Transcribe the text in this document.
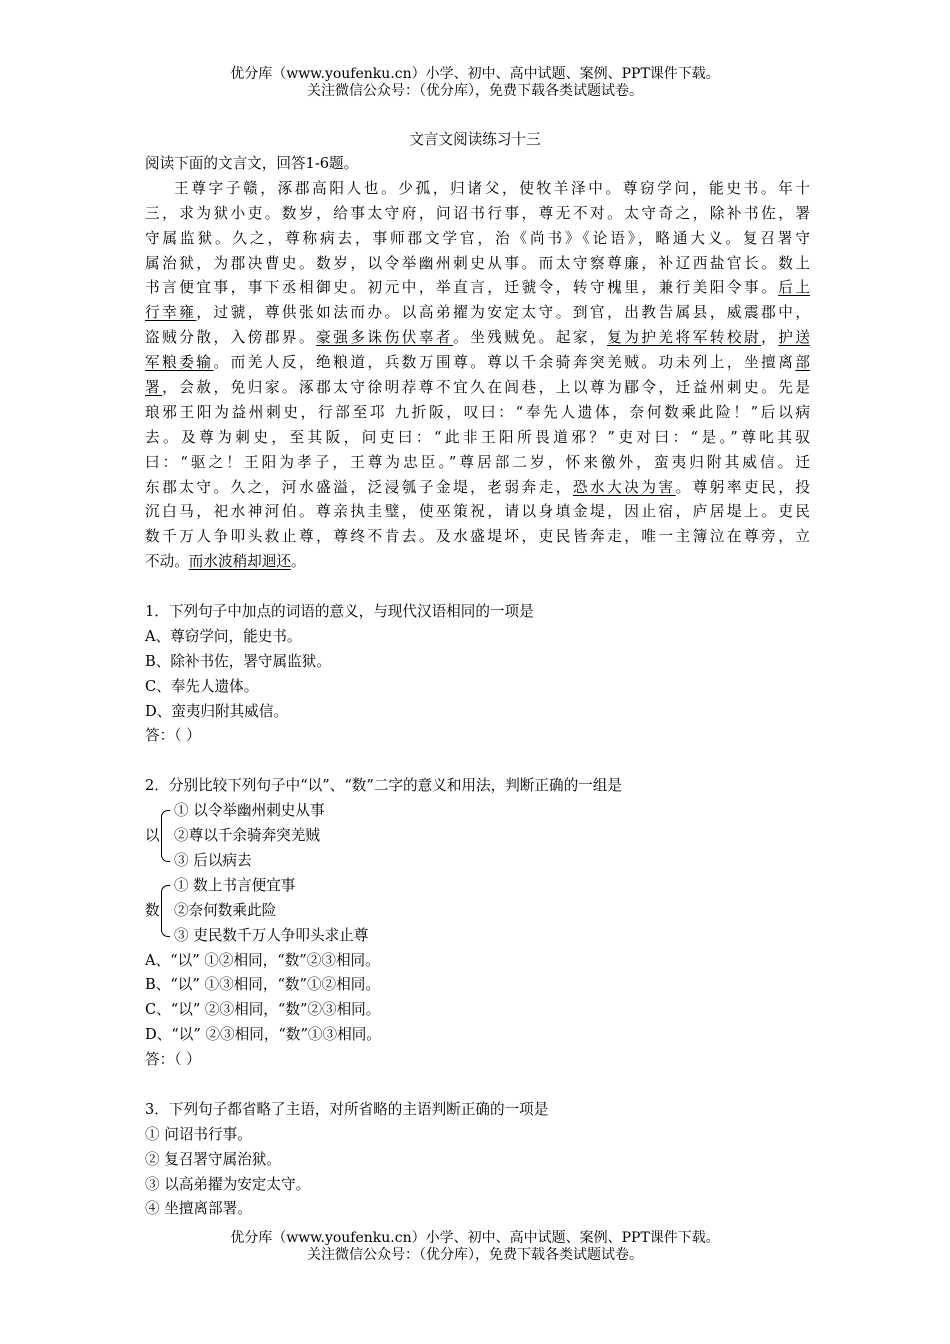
优分库（www.youfenku.cn）小学、初中、高中试题、案例、PPT课件下载。
关注微信公众号：（优分库），免费下载各类试题试卷。
文言文阅读练习十三
阅读下面的文言文，回答1-6题。
王尊字子赣，涿郡高阳人也。少孤，归诸父，使牧羊泽中。尊窃学问，能史书。年十
三，求为狱小吏。数岁，给事太守府，问诏书行事，尊无不对。太守奇之，除补书佐，署
守属监狱。久之，尊称病去，事师郡文学官，治《尚书》《论语》，略通大义。复召署守
属治狱，为郡决曹史。数岁，以令举幽州刺史从事。而太守察尊廉，补辽西盐官长。数上
书言便宜事，事下丞相御史。初元中，举直言，迁虢令，转守槐里，兼行美阳令事。后上
行幸雍，过虢，尊供张如法而办。以高弟擢为安定太守。到官，出教告属县，威震郡中，
盗贼分散，入傍郡界。豪强多诛伤伏辜者。坐残贼免。起家，复为护羌将军转校尉，护送
军粮委输。而羌人反，绝粮道，兵数万围尊。尊以千余骑奔突羌贼。功未列上，坐擅离部
署，会赦，免归家。涿郡太守徐明荐尊不宜久在闾巷，上以尊为郿令，迁益州刺史。先是
琅邪王阳为益州刺史，行部至邛 九折阪，叹曰：“奉先人遗体，奈何数乘此险！”后以病
去。及尊为刺史，至其阪，问吏曰：“此非王阳所畏道邪？”吏对曰：“是。”尊叱其驭
曰：“驱之！王阳为孝子，王尊为忠臣。”尊居部二岁，怀来徼外，蛮夷归附其威信。迁
东郡太守。久之，河水盛溢，泛浸瓠子金堤，老弱奔走，恐水大决为害。尊躬率吏民，投
沉白马，祀水神河伯。尊亲执圭璧，使巫策祝，请以身填金堤，因止宿，庐居堤上。吏民
数千万人争叩头救止尊，尊终不肯去。及水盛堤坏，吏民皆奔走，唯一主簿泣在尊旁，立
不动。而水波稍却迴还。
1．下列句子中加点的词语的意义，与现代汉语相同的一项是
A、尊窃学问，能史书。
B、除补书佐，署守属监狱。
C、奉先人遗体。
D、蛮夷归附其威信。
答：（ ）
2．分别比较下列句子中“以”、“数”二字的意义和用法，判断正确的一组是
① 以令举幽州刺史从事
以 ②尊以千余骑奔突羌贼
③ 后以病去
① 数上书言便宜事
数 ②奈何数乘此险
③ 吏民数千万人争叩头求止尊
A、“以” ①②相同，“数”②③相同。
B、“以” ①③相同，“数”①②相同。
C、“以” ②③相同，“数”②③相同。
D、“以” ②③相同，“数”①③相同。
答：（ ）
3．下列句子都省略了主语，对所省略的主语判断正确的一项是
① 问诏书行事。
② 复召署守属治狱。
③ 以高弟擢为安定太守。
④ 坐擅离部署。
优分库（www.youfenku.cn）小学、初中、高中试题、案例、PPT课件下载。
关注微信公众号：（优分库），免费下载各类试题试卷。
